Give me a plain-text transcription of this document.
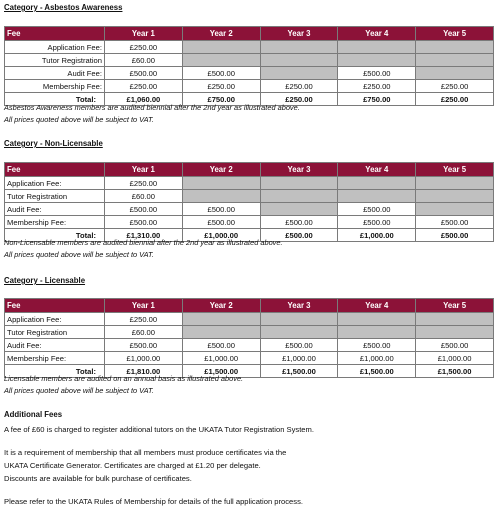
Category - Asbestos Awareness
Fee	Year 1	Year 2	Year 3	Year 4	Year 5
Application Fee:	£250.00				
Tutor Registration	£60.00				
Audit Fee:	£500.00	£500.00		£500.00	
Membership Fee:	£250.00	£250.00	£250.00	£250.00	£250.00
Total:	£1,060.00	£750.00	£250.00	£750.00	£250.00
Asbestos Awareness members are audited biennial after the 2nd year as illustrated above.
All prices quoted above will be subject to VAT.
Category - Non-Licensable
Fee	Year 1	Year 2	Year 3	Year 4	Year 5
Application Fee:	£250.00				
Tutor Registration	£60.00				
Audit Fee:	£500.00	£500.00		£500.00	
Membership Fee:	£500.00	£500.00	£500.00	£500.00	£500.00
Total:	£1,310.00	£1,000.00	£500.00	£1,000.00	£500.00
Non-Licensable members are audited biennial after the 2nd year as illustrated above.
All prices quoted above will be subject to VAT.
Category - Licensable
Fee	Year 1	Year 2	Year 3	Year 4	Year 5
Application Fee:	£250.00				
Tutor Registration	£60.00				
Audit Fee:	£500.00	£500.00	£500.00	£500.00	£500.00
Membership Fee:	£1,000.00	£1,000.00	£1,000.00	£1,000.00	£1,000.00
Total:	£1,810.00	£1,500.00	£1,500.00	£1,500.00	£1,500.00
Licensable members are audited on an annual basis as illustrated above.
All prices quoted above will be subject to VAT.
Additional Fees
A fee of £60 is charged to register additional tutors on the UKATA Tutor Registration System.
It is a requirement of membership that all members must produce certificates via the
UKATA Certificate Generator. Certificates are charged at £1.20 per delegate.
Discounts are available for bulk purchase of certificates.
Please refer to the UKATA Rules of Membership for details of the full application process.
